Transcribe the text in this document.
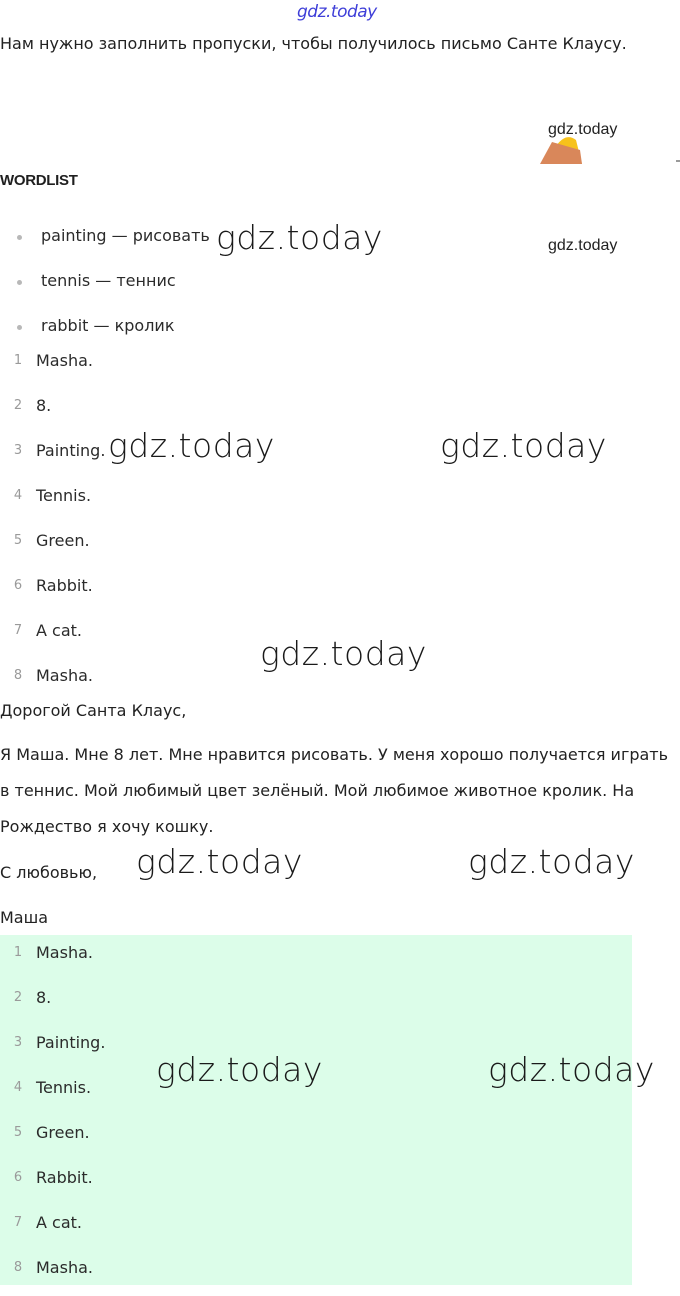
gdz.today
Нам нужно заполнить пропуски, чтобы получилось письмо Санте Клаусу.
gdz.today
WORDLIST
painting — рисовать
tennis — теннис
rabbit — кролик
gdz.today
1 Masha.
2 8.
3 Painting.
4 Tennis.
5 Green.
6 Rabbit.
7 A cat.
8 Masha.
Дорогой Санта Клаус,
Я Маша. Мне 8 лет. Мне нравится рисовать. У меня хорошо получается играть в теннис. Мой любимый цвет зелёный. Мой любимое животное кролик. На Рождество я хочу кошку.
С любовью,
Маша
1 Masha.
2 8.
3 Painting.
4 Tennis.
5 Green.
6 Rabbit.
7 A cat.
8 Masha.
gdz.today
gdz.today	gdz.today
gdz.today
gdz.today	gdz.today
gdz.today	gdz.today
